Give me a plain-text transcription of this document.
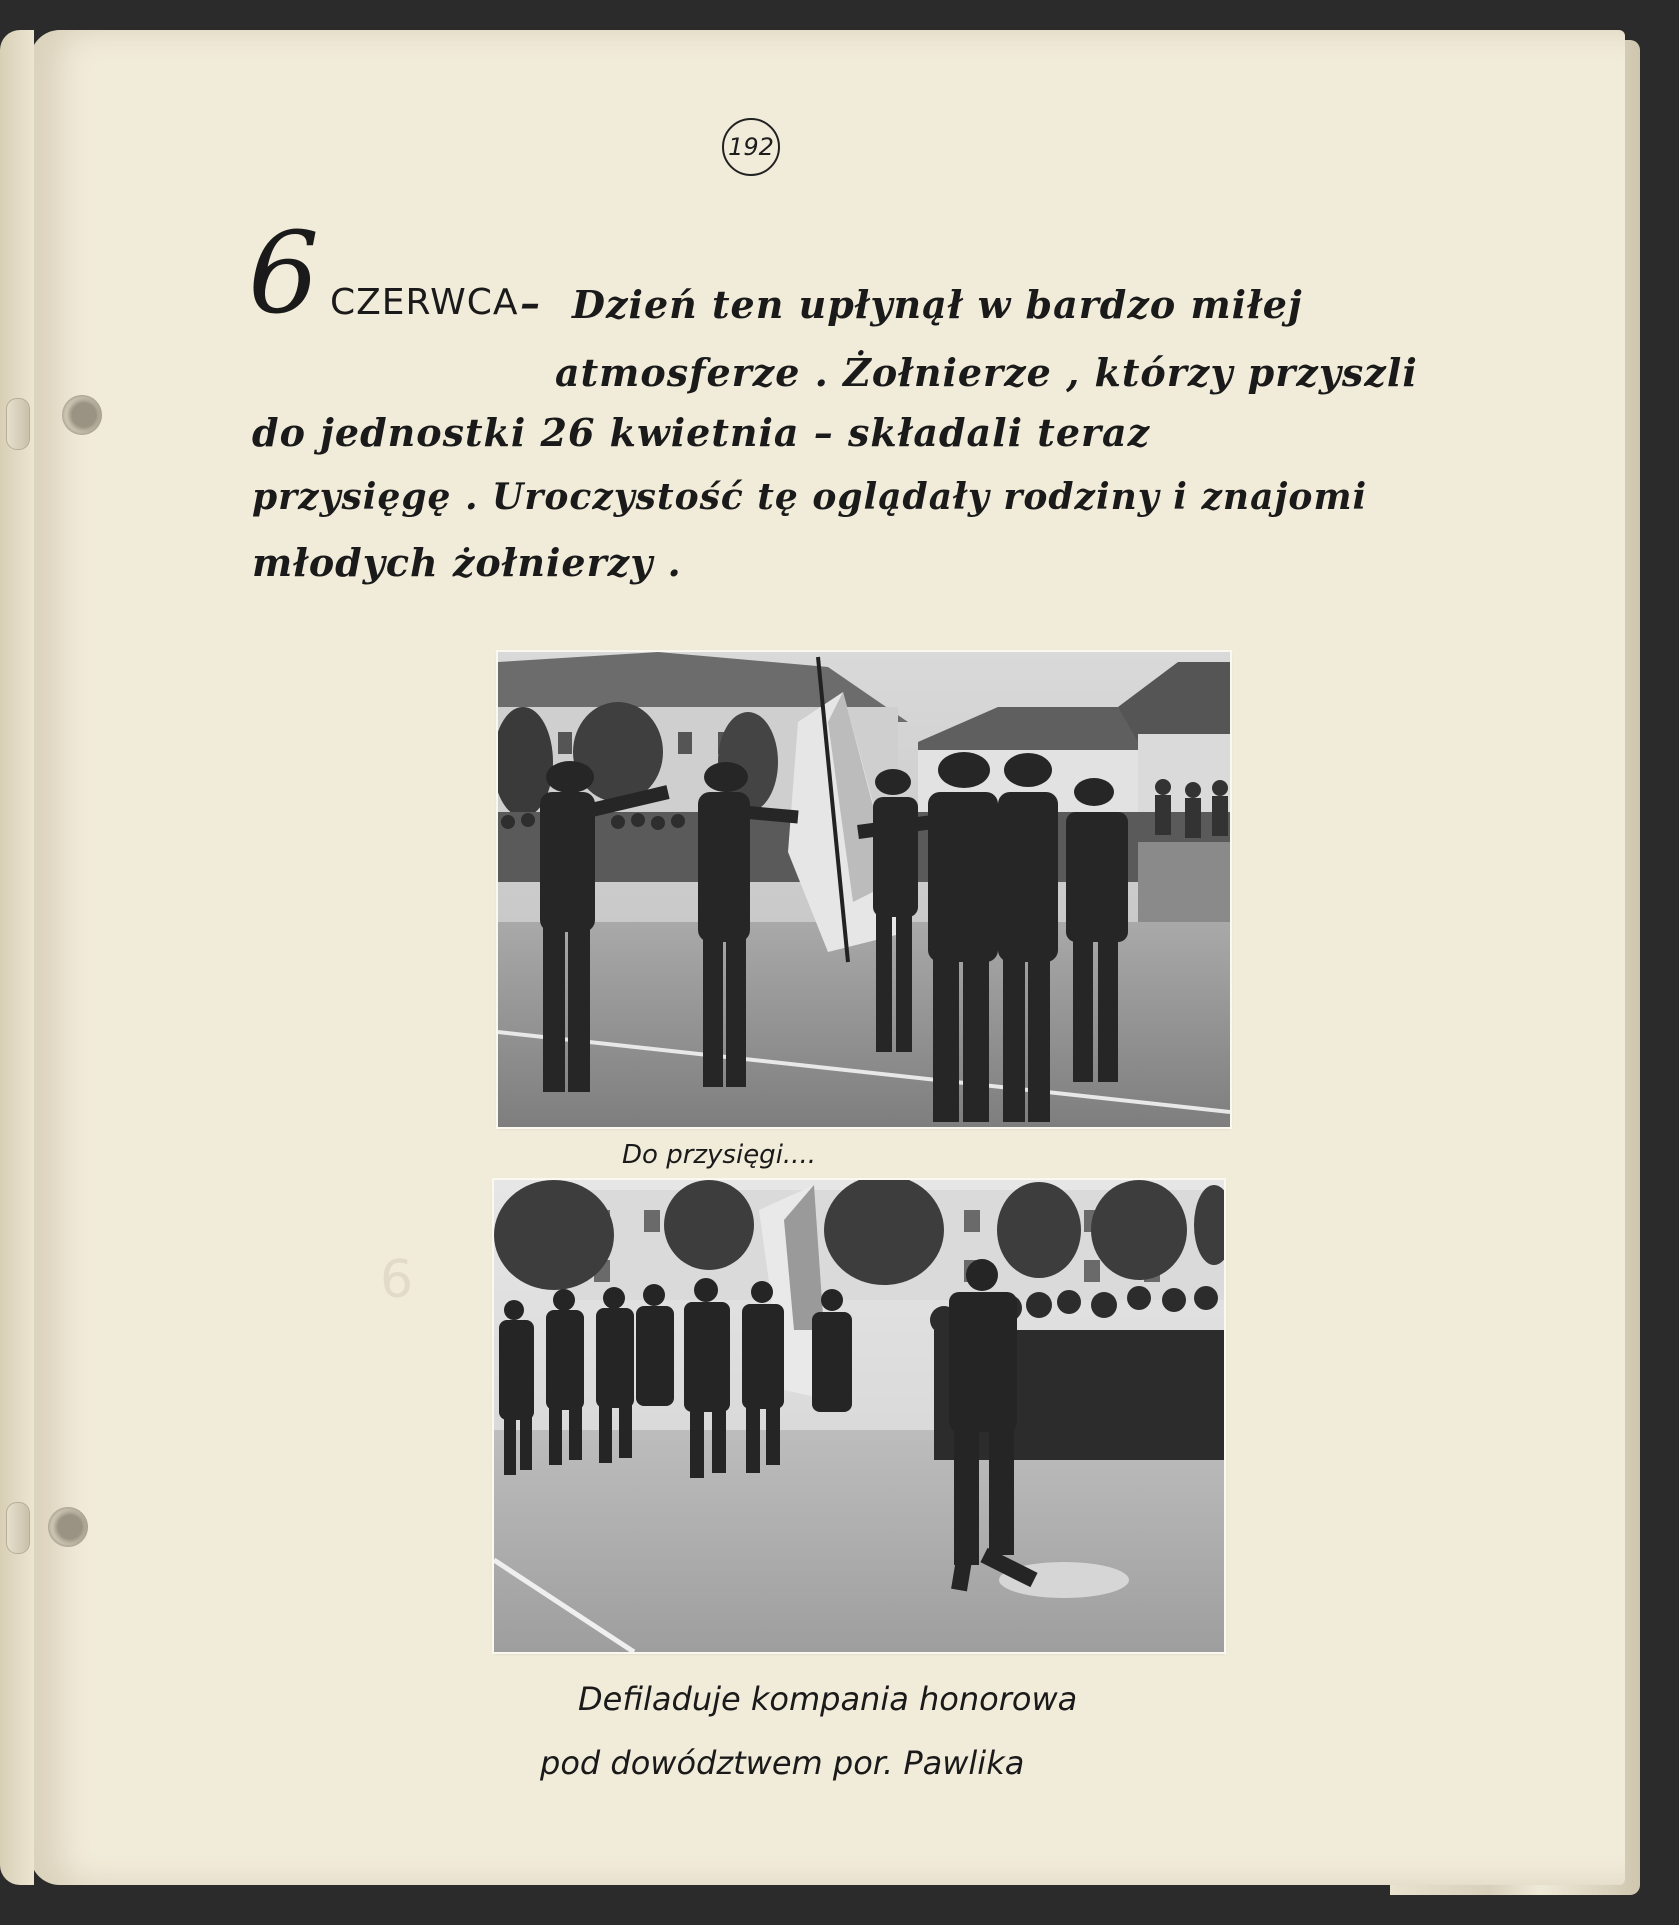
6
192
6 CZERWCA – Dzień ten upłynął w bardzo miłej
atmosferze . Żołnierze , którzy przyszli
do jednostki 26 kwietnia – składali teraz
przysięgę . Uroczystość tę oglądały rodziny i znajomi
młodych żołnierzy .
Do przysięgi....
Defiladuje kompania honorowa
pod dowództwem por. Pawlika
